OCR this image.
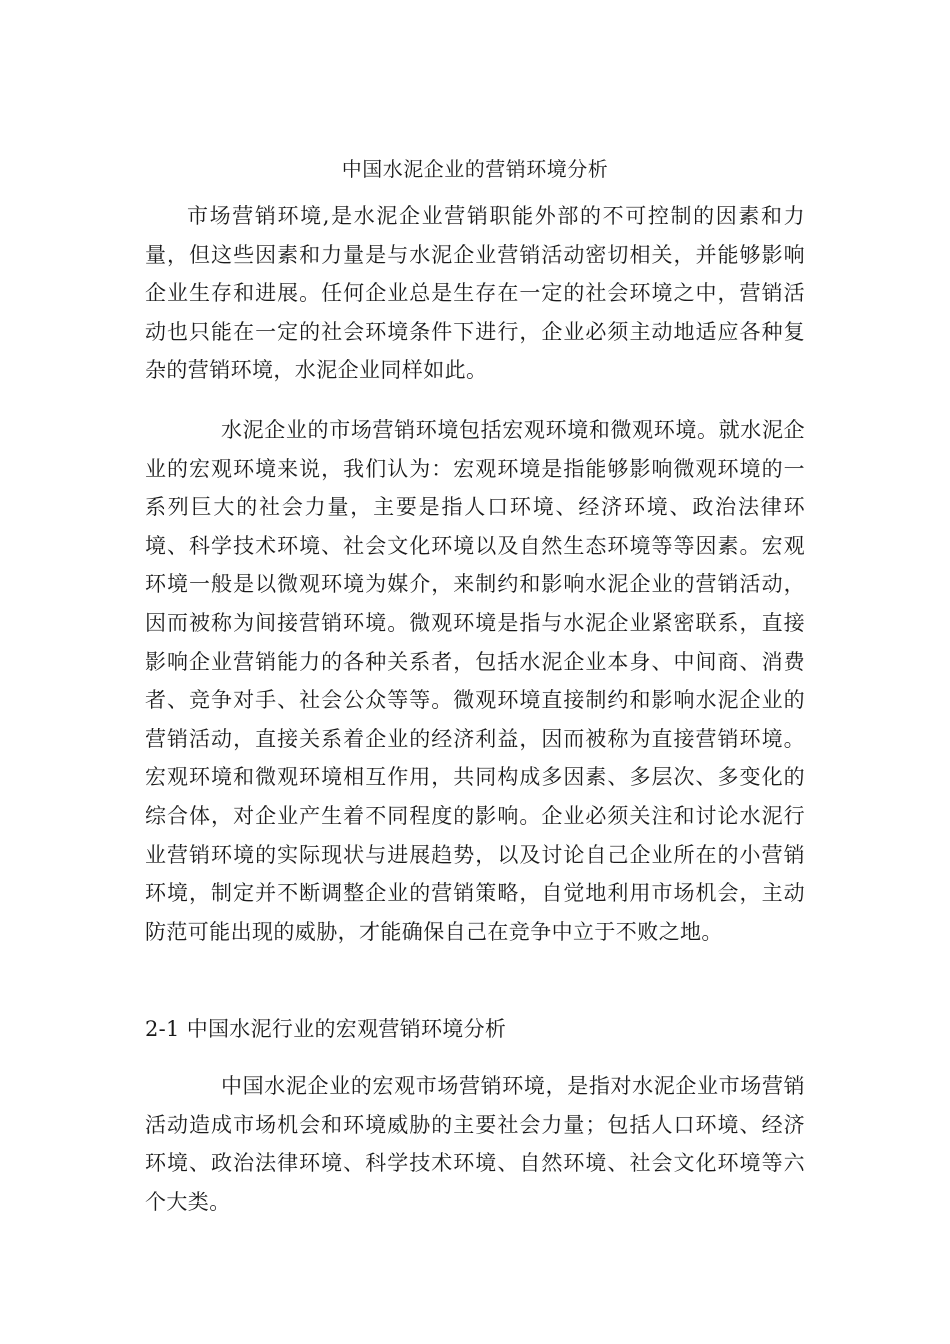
中国水泥企业的营销环境分析

市场营销环境,是水泥企业营销职能外部的不可控制的因素和力量，但这些因素和力量是与水泥企业营销活动密切相关，并能够影响企业生存和进展。任何企业总是生存在一定的社会环境之中，营销活动也只能在一定的社会环境条件下进行，企业必须主动地适应各种复杂的营销环境，水泥企业同样如此。

水泥企业的市场营销环境包括宏观环境和微观环境。就水泥企业的宏观环境来说，我们认为：宏观环境是指能够影响微观环境的一系列巨大的社会力量，主要是指人口环境、经济环境、政治法律环境、科学技术环境、社会文化环境以及自然生态环境等等因素。宏观环境一般是以微观环境为媒介，来制约和影响水泥企业的营销活动，因而被称为间接营销环境。微观环境是指与水泥企业紧密联系，直接影响企业营销能力的各种关系者，包括水泥企业本身、中间商、消费者、竞争对手、社会公众等等。微观环境直接制约和影响水泥企业的营销活动，直接关系着企业的经济利益，因而被称为直接营销环境。宏观环境和微观环境相互作用，共同构成多因素、多层次、多变化的综合体，对企业产生着不同程度的影响。企业必须关注和讨论水泥行业营销环境的实际现状与进展趋势，以及讨论自己企业所在的小营销环境，制定并不断调整企业的营销策略，自觉地利用市场机会，主动防范可能出现的威胁，才能确保自己在竞争中立于不败之地。

2-1 中国水泥行业的宏观营销环境分析

中国水泥企业的宏观市场营销环境，是指对水泥企业市场营销活动造成市场机会和环境威胁的主要社会力量；包括人口环境、经济环境、政治法律环境、科学技术环境、自然环境、社会文化环境等六个大类。
